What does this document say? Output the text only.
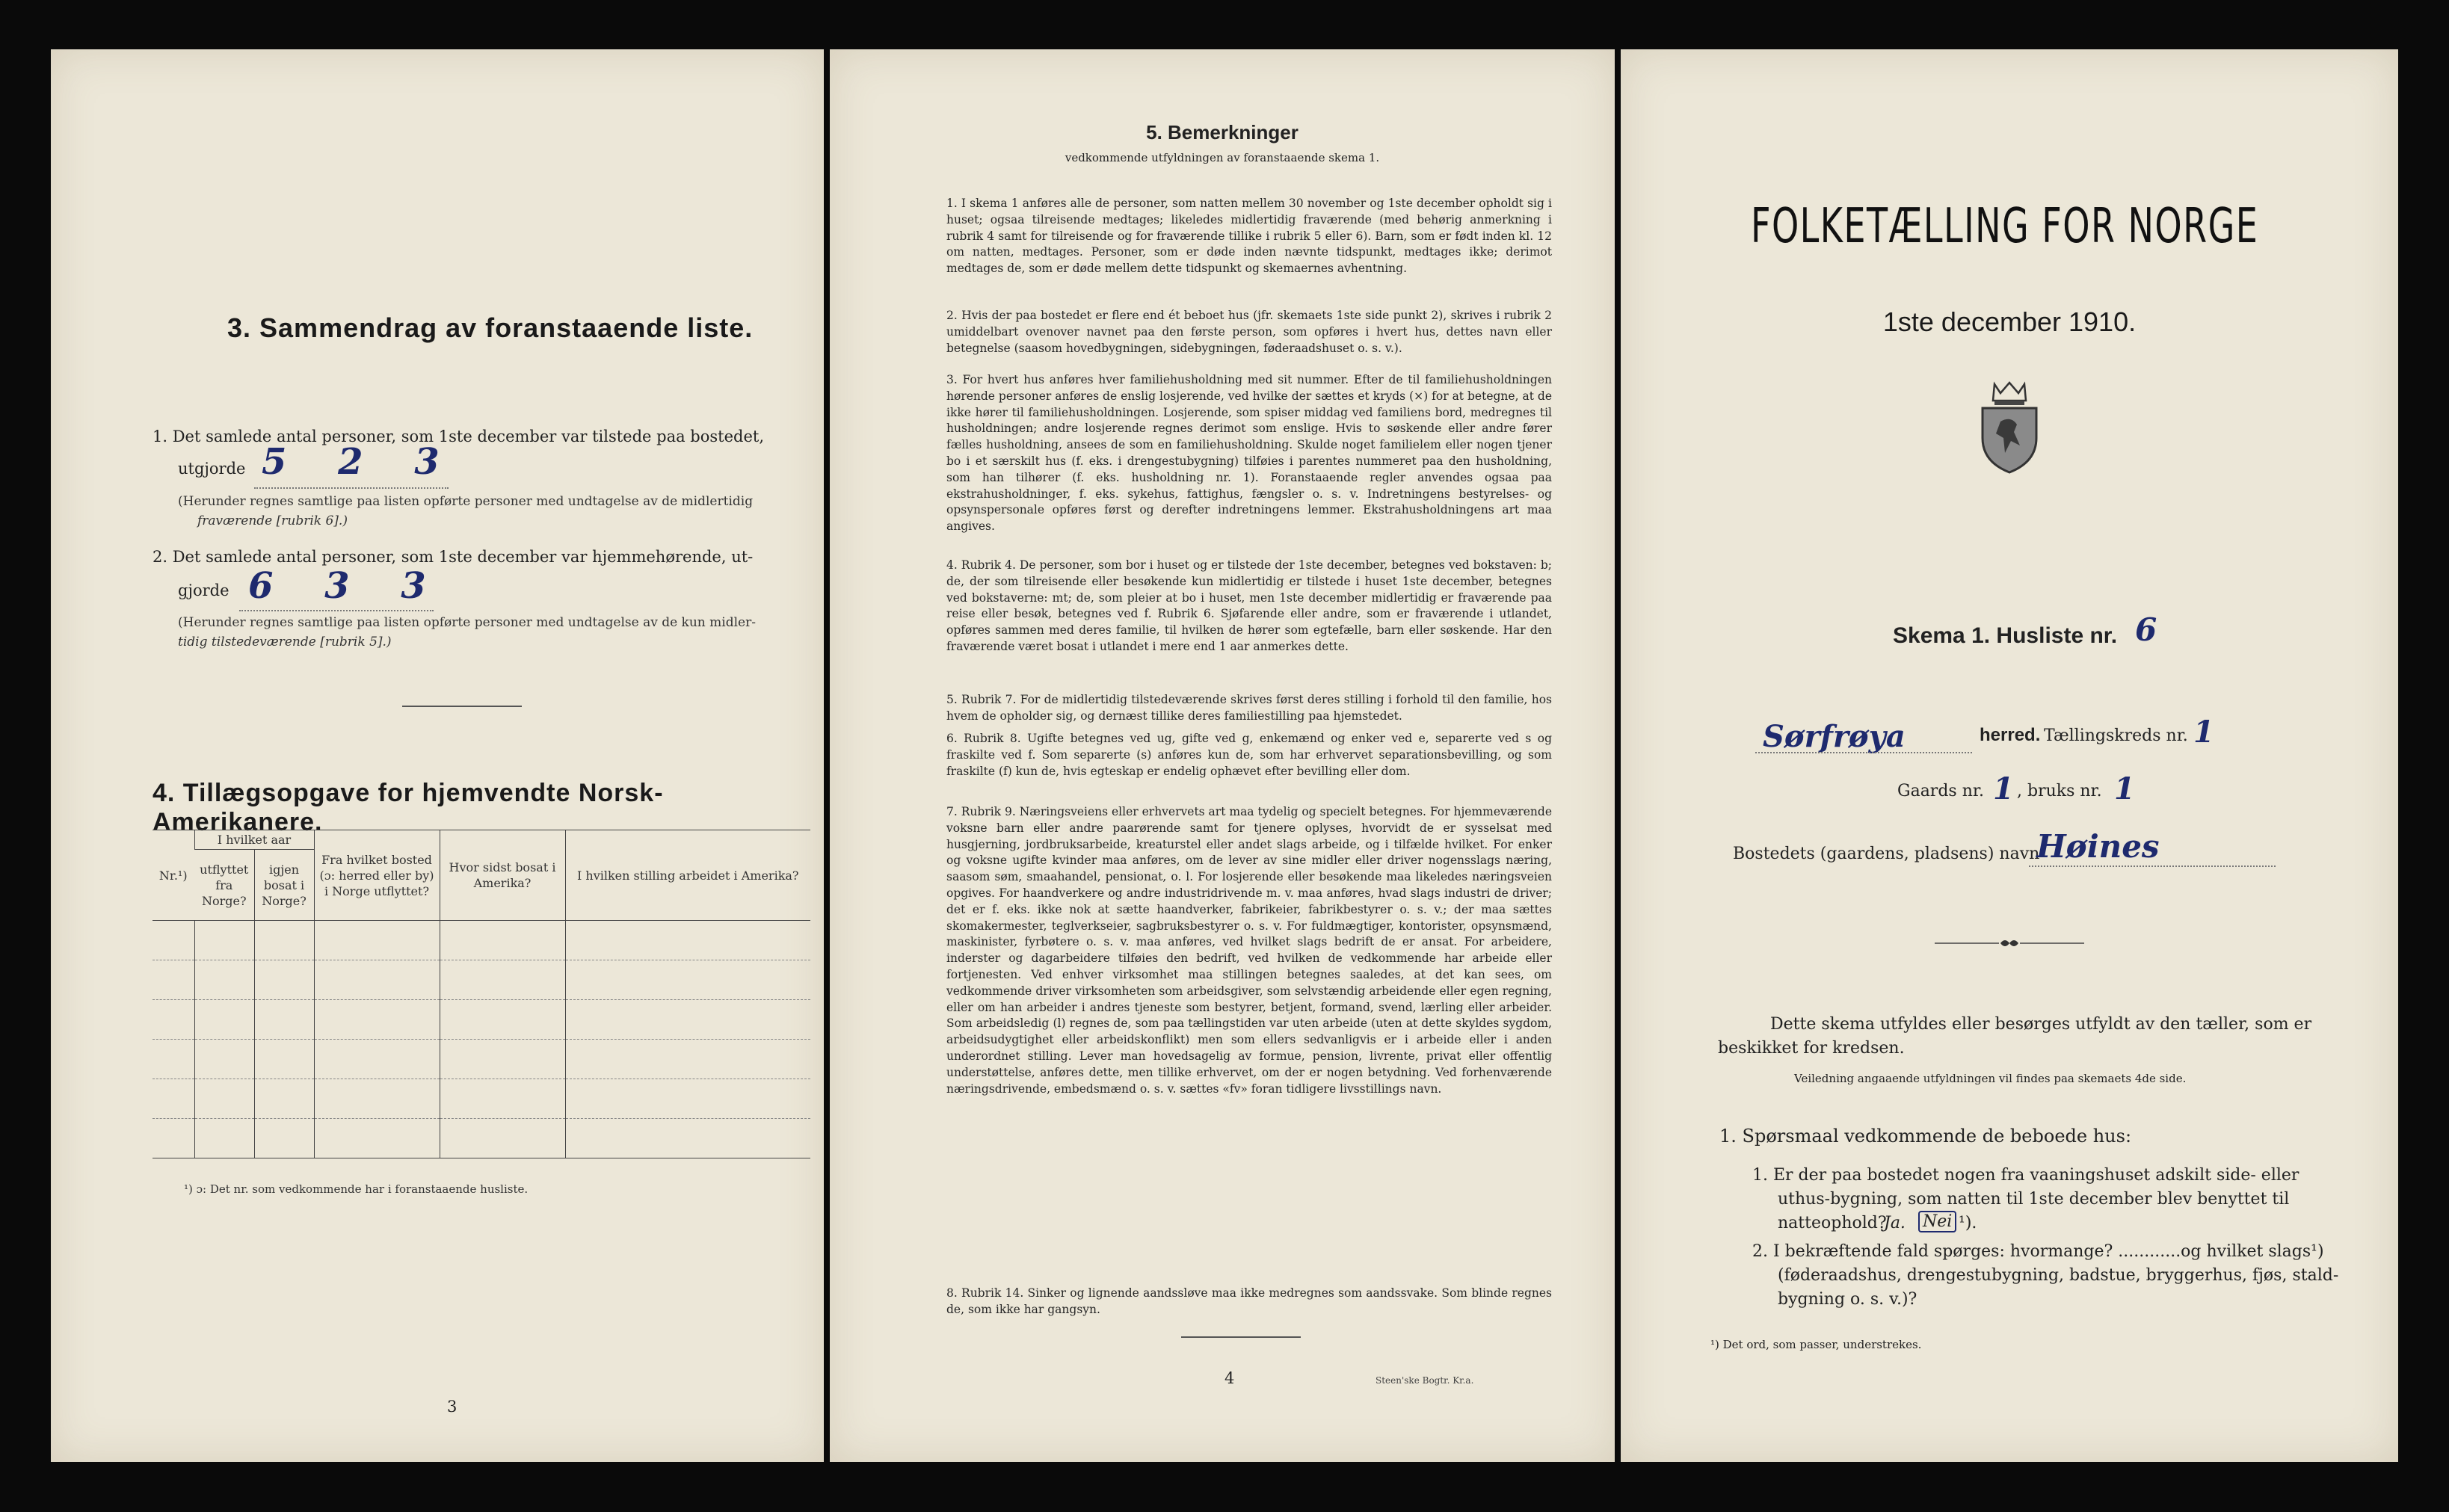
3. Sammendrag av foranstaaende liste.
1. Det samlede antal personer, som 1ste december var tilstede paa bostedet,
utgjorde 5 2 3
(Herunder regnes samtlige paa listen opførte personer med undtagelse av de midlertidig
fraværende [rubrik 6].)
2. Det samlede antal personer, som 1ste december var hjemmehørende, ut-
gjorde 6 3 3
(Herunder regnes samtlige paa listen opførte personer med undtagelse av de kun midler-
tidig tilstedeværende [rubrik 5].)
4. Tillægsopgave for hjemvendte Norsk-Amerikanere.
Nr.¹)	I hvilket aar		Fra hvilket bosted (ɔ: herred eller by) i Norge utflyttet?	Hvor sidst bosat i Amerika?	I hvilken stilling arbeidet i Amerika?
	utflyttet fra Norge?	igjen bosat i Norge?			

¹) ɔ: Det nr. som vedkommende har i foranstaaende husliste.
3
5. Bemerkninger
vedkommende utfyldningen av foranstaaende skema 1.
1. I skema 1 anføres alle de personer, som natten mellem 30 november og 1ste december opholdt sig i huset; ogsaa tilreisende medtages; likeledes midlertidig fraværende (med behørig anmerkning i rubrik 4 samt for tilreisende og for fraværende tillike i rubrik 5 eller 6). Barn, som er født inden kl. 12 om natten, medtages. Personer, som er døde inden nævnte tidspunkt, medtages ikke; derimot medtages de, som er døde mellem dette tidspunkt og skemaernes avhentning.
2. Hvis der paa bostedet er flere end ét beboet hus (jfr. skemaets 1ste side punkt 2), skrives i rubrik 2 umiddelbart ovenover navnet paa den første person, som opføres i hvert hus, dettes navn eller betegnelse (saasom hovedbygningen, sidebygningen, føderaadshuset o. s. v.).
3. For hvert hus anføres hver familiehusholdning med sit nummer. Efter de til familiehusholdningen hørende personer anføres de enslig losjerende, ved hvilke der sættes et kryds (×) for at betegne, at de ikke hører til familiehusholdningen. Losjerende, som spiser middag ved familiens bord, medregnes til husholdningen; andre losjerende regnes derimot som enslige. Hvis to søskende eller andre fører fælles husholdning, ansees de som en familiehusholdning. Skulde noget familielem eller nogen tjener bo i et særskilt hus (f. eks. i drengestubygning) tilføies i parentes nummeret paa den husholdning, som han tilhører (f. eks. husholdning nr. 1). Foranstaaende regler anvendes ogsaa paa ekstrahusholdninger, f. eks. sykehus, fattighus, fængsler o. s. v. Indretningens bestyrelses- og opsynspersonale opføres først og derefter indretningens lemmer. Ekstrahusholdningens art maa angives.
4. Rubrik 4. De personer, som bor i huset og er tilstede der 1ste december, betegnes ved bokstaven: b; de, der som tilreisende eller besøkende kun midlertidig er tilstede i huset 1ste december, betegnes ved bokstaverne: mt; de, som pleier at bo i huset, men 1ste december midlertidig er fraværende paa reise eller besøk, betegnes ved f. Rubrik 6. Sjøfarende eller andre, som er fraværende i utlandet, opføres sammen med deres familie, til hvilken de hører som egtefælle, barn eller søskende. Har den fraværende været bosat i utlandet i mere end 1 aar anmerkes dette.
5. Rubrik 7. For de midlertidig tilstedeværende skrives først deres stilling i forhold til den familie, hos hvem de opholder sig, og dernæst tillike deres familiestilling paa hjemstedet.
6. Rubrik 8. Ugifte betegnes ved ug, gifte ved g, enkemænd og enker ved e, separerte ved s og fraskilte ved f. Som separerte (s) anføres kun de, som har erhvervet separationsbevilling, og som fraskilte (f) kun de, hvis egteskap er endelig ophævet efter bevilling eller dom.
7. Rubrik 9. Næringsveiens eller erhvervets art maa tydelig og specielt betegnes. For hjemmeværende voksne barn eller andre paarørende samt for tjenere oplyses, hvorvidt de er sysselsat med husgjerning, jordbruksarbeide, kreaturstel eller andet slags arbeide, og i tilfælde hvilket. For enker og voksne ugifte kvinder maa anføres, om de lever av sine midler eller driver nogensslags næring, saasom søm, smaahandel, pensionat, o. l. For losjerende eller besøkende maa likeledes næringsveien opgives. For haandverkere og andre industridrivende m. v. maa anføres, hvad slags industri de driver; det er f. eks. ikke nok at sætte haandverker, fabrikeier, fabrikbestyrer o. s. v.; der maa sættes skomakermester, teglverkseier, sagbruksbestyrer o. s. v. For fuldmægtiger, kontorister, opsynsmænd, maskinister, fyrbøtere o. s. v. maa anføres, ved hvilket slags bedrift de er ansat. For arbeidere, inderster og dagarbeidere tilføies den bedrift, ved hvilken de vedkommende har arbeide eller fortjenesten. Ved enhver virksomhet maa stillingen betegnes saaledes, at det kan sees, om vedkommende driver virksomheten som arbeidsgiver, som selvstændig arbeidende eller egen regning, eller om han arbeider i andres tjeneste som bestyrer, betjent, formand, svend, lærling eller arbeider. Som arbeidsledig (l) regnes de, som paa tællingstiden var uten arbeide (uten at dette skyldes sygdom, arbeidsudygtighet eller arbeidskonflikt) men som ellers sedvanligvis er i arbeide eller i anden underordnet stilling. Lever man hovedsagelig av formue, pension, livrente, privat eller offentlig understøttelse, anføres dette, men tillike erhvervet, om der er nogen betydning. Ved forhenværende næringsdrivende, embedsmænd o. s. v. sættes «fv» foran tidligere livsstillings navn.
8. Rubrik 14. Sinker og lignende aandssløve maa ikke medregnes som aandssvake. Som blinde regnes de, som ikke har gangsyn.
4	Steen'ske Bogtr. Kr.a.
FOLKETÆLLING FOR NORGE
1ste december 1910.
Skema 1. Husliste nr. 6
Sørfrøya	herred. Tællingskreds nr. 1
Gaards nr. 1 , bruks nr. 1
Bostedets (gaardens, pladsens) navn
Høines
Dette skema utfyldes eller besørges utfyldt av den tæller, som er
beskikket for kredsen.
Veiledning angaaende utfyldningen vil findes paa skemaets 4de side.
1. Spørsmaal vedkommende de beboede hus:
1. Er der paa bostedet nogen fra vaaningshuset adskilt side- eller
uthus-bygning, som natten til 1ste december blev benyttet til
natteophold?
Ja. Nei ¹).
2. I bekræftende fald spørges: hvormange? ............og hvilket slags¹)
(føderaadshus, drengestubygning, badstue, bryggerhus, fjøs, stald-
bygning o. s. v.)?
¹) Det ord, som passer, understrekes.
